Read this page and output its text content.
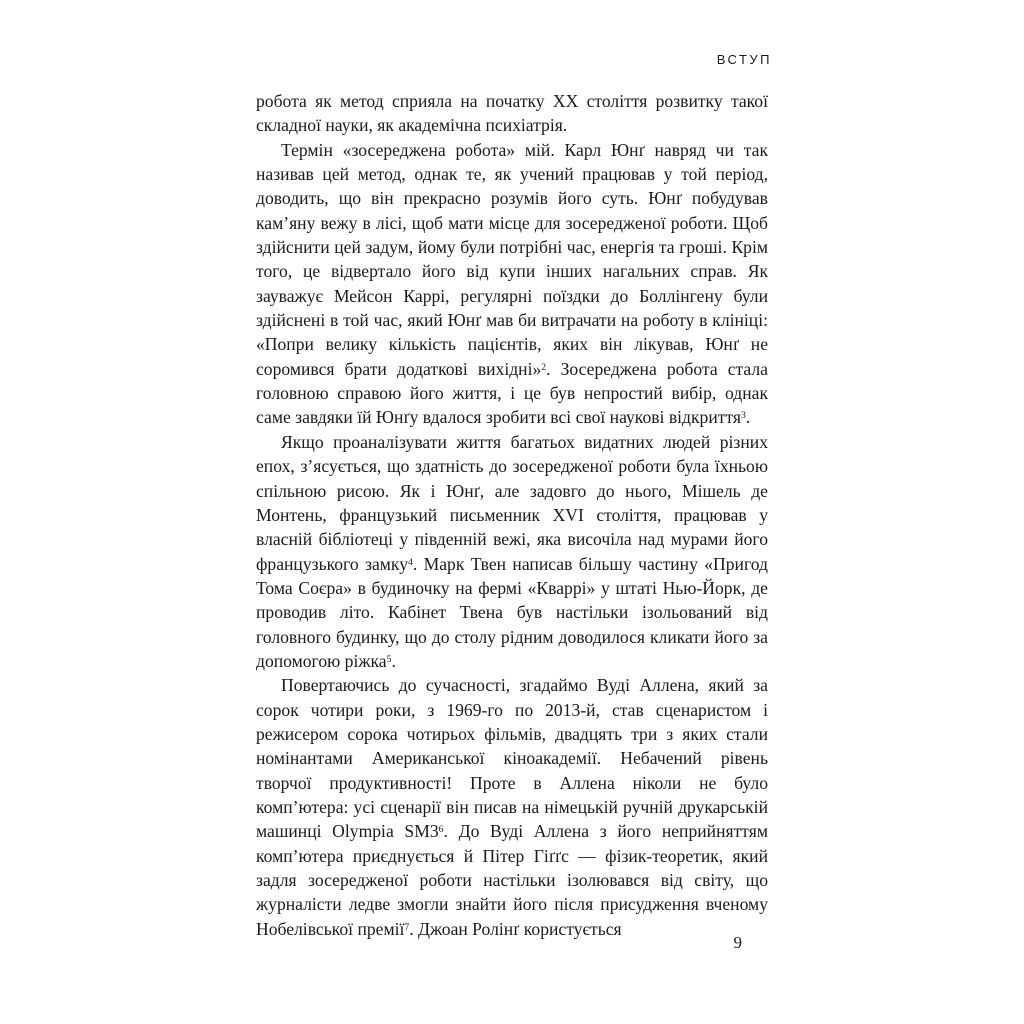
ВСТУП

робота як метод сприяла на початку XX століття розвитку такої складної науки, як академічна психіатрія.

Термін «зосереджена робота» мій. Карл Юнґ навряд чи так називав цей метод, однак те, як учений працював у той період, доводить, що він прекрасно розумів його суть. Юнґ побудував кам’яну вежу в лісі, щоб мати місце для зосередженої роботи. Щоб здійснити цей задум, йому були потрібні час, енергія та гроші. Крім того, це відвертало його від купи інших нагальних справ. Як зауважує Мейсон Каррі, регулярні поїздки до Боллінгену були здійснені в той час, який Юнґ мав би витрачати на роботу в клініці: «Попри велику кількість пацієнтів, яких він лікував, Юнґ не соромився брати додаткові вихідні»$^2$. Зосереджена робота стала головною справою його життя, і це був непростий вибір, однак саме завдяки їй Юнґу вдалося зробити всі свої наукові відкриття$^3$.

Якщо проаналізувати життя багатьох видатних людей різних епох, з’ясується, що здатність до зосередженої роботи була їхньою спільною рисою. Як і Юнґ, але задовго до нього, Мішель де Монтень, французький письменник XVI століття, працював у власній бібліотеці у південній вежі, яка височіла над мурами його французького замку$^4$. Марк Твен написав більшу частину «Пригод Тома Соєра» в будиночку на фермі «Кваррі» у штаті Нью-Йорк, де проводив літо. Кабінет Твена був настільки ізольований від головного будинку, що до столу рідним доводилося кликати його за допомогою ріжка$^5$.

Повертаючись до сучасності, згадаймо Вуді Аллена, який за сорок чотири роки, з 1969-го по 2013-й, став сценаристом і режисером сорока чотирьох фільмів, двадцять три з яких стали номінантами Американської кіноакадемії. Небачений рівень творчої продуктивності! Проте в Аллена ніколи не було комп’ютера: усі сценарії він писав на німецькій ручній друкарській машинці Olympia $SM3^6$. До Вуді Аллена з його неприйняттям комп’ютера приєднується й Пітер Гіґґс — фізик-теоретик, який задля зосередженої роботи настільки ізолювався від світу, що журналісти ледве змогли знайти його після присудження вченому Нобелівської премії$^7$. Джоан Ролінґ користується

9
